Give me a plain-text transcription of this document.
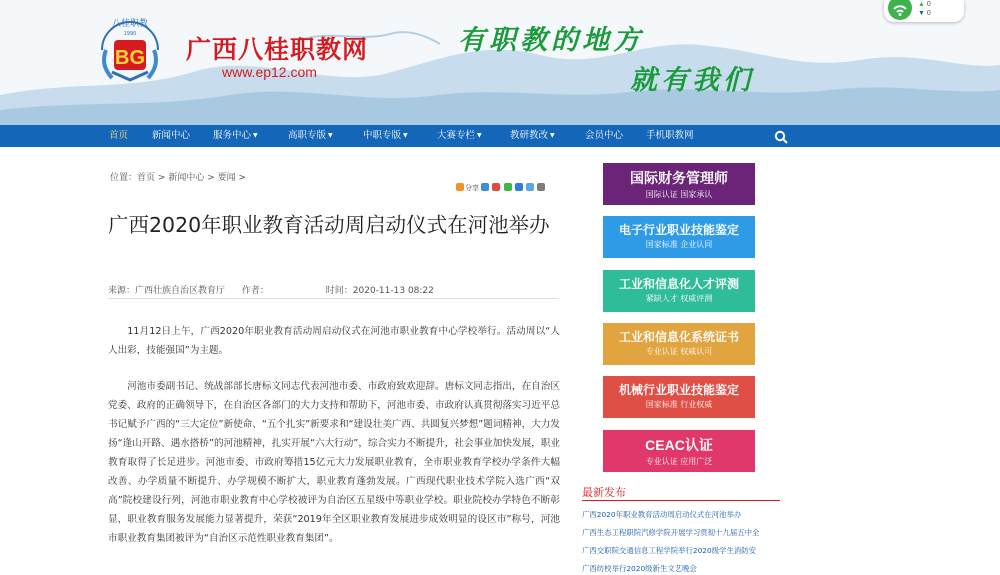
八桂职教
1990
BG 广西八桂职教网
www.ep12.com
有职教的地方
就有我们
▲ 0
▼ 0
首页	新闻中心 服务中心 ▼	高职专版 ▼	中职专版 ▼	大赛专栏 ▼	教研教改 ▼	会员中心 手机职教网
位置：首页 > 新闻中心 > 要闻 >
分享
广西2020年职业教育活动周启动仪式在河池举办
来源：广西壮族自治区教育厅 作者：	时间：2020-11-13 08:22

11月12日上午，广西2020年职业教育活动周启动仪式在河池市职业教育中心学校举行。活动周以“人人出彩，技能强国”为主题。

河池市委副书记、统战部部长唐标文同志代表河池市委、市政府致欢迎辞。唐标文同志指出，在自治区党委、政府的正确领导下，在自治区各部门的大力支持和帮助下，河池市委、市政府认真贯彻落实习近平总书记赋予广西的“三大定位”新使命、“五个扎实”新要求和“建设壮美广西、共圆复兴梦想”题词精神，大力发扬“逢山开路、遇水搭桥”的河池精神，扎实开展“六大行动”，综合实力不断提升，社会事业加快发展，职业教育取得了长足进步。河池市委、市政府筹措15亿元大力发展职业教育，全市职业教育学校办学条件大幅改善、办学质量不断提升、办学规模不断扩大，职业教育蓬勃发展。广西现代职业技术学院入选广西“双高”院校建设行列，河池市职业教育中心学校被评为自治区五星级中等职业学校。职业院校办学特色不断彰显，职业教育服务发展能力显著提升，荣获“2019年全区职业教育发展进步成效明显的设区市”称号，河池市职业教育集团被评为“自治区示范性职业教育集团”。

国际财务管理师
国际认证 国家承认
电子行业职业技能鉴定
国家标准 企业认同
工业和信息化人才评测
紧缺人才 权威评测
工业和信息化系统证书
专业认证 权威认可
机械行业职业技能鉴定
国家标准 行业权威
CEAC认证
专业认证 应用广泛
最新发布
广西2020年职业教育活动周启动仪式在河池举办
广西生态工程职院汽修学院开展学习贯彻十九届五中全
广西交职院交通信息工程学院举行2020级学生消防安
广西纺校举行2020级新生文艺晚会
